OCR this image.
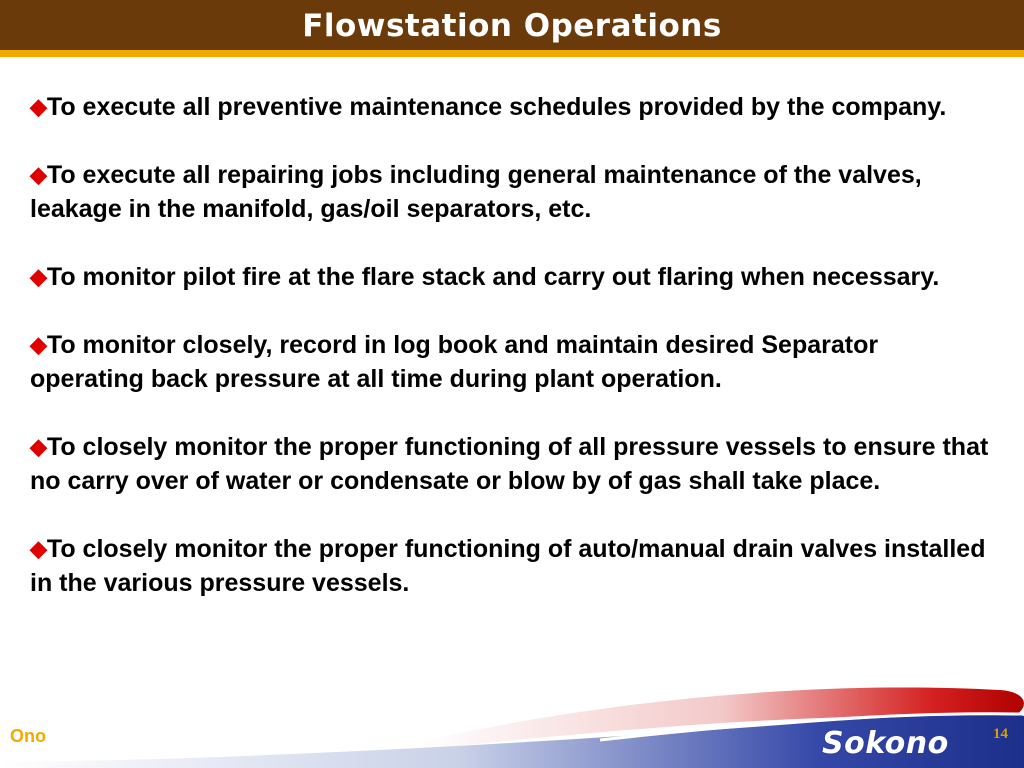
Flowstation Operations

◆To execute all preventive maintenance schedules provided by the company.

◆To execute all repairing jobs including general maintenance of the valves, leakage in the manifold, gas/oil separators, etc.

◆To monitor pilot fire at the flare stack and carry out flaring when necessary.

◆To monitor closely, record in log book and maintain desired Separator operating back pressure at all time during plant operation.

◆To closely monitor the proper functioning of all pressure vessels to ensure that no carry over of water or condensate or blow by of gas shall take place.

◆To closely monitor the proper functioning of auto/manual drain valves installed in the various pressure vessels.

Ono	Sokono	14
